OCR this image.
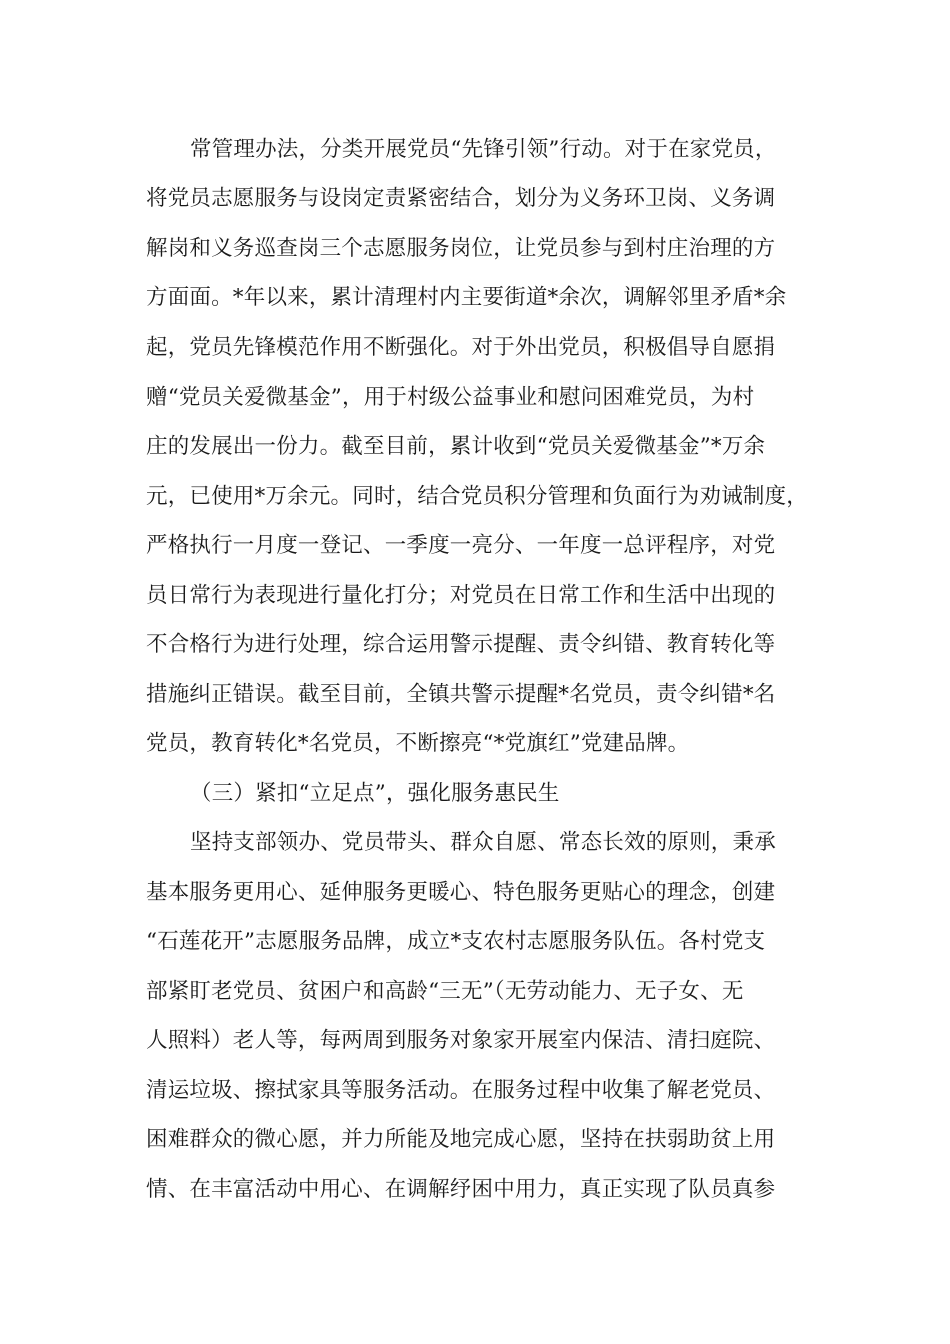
常管理办法，分类开展党员“先锋引领”行动。对于在家党员，
将党员志愿服务与设岗定责紧密结合，划分为义务环卫岗、义务调
解岗和义务巡查岗三个志愿服务岗位，让党员参与到村庄治理的方
方面面。*年以来，累计清理村内主要街道*余次，调解邻里矛盾*余
起，党员先锋模范作用不断强化。对于外出党员，积极倡导自愿捐
赠“党员关爱微基金”，用于村级公益事业和慰问困难党员，为村
庄的发展出一份力。截至目前，累计收到“党员关爱微基金”*万余
元，已使用*万余元。同时，结合党员积分管理和负面行为劝诫制度，
严格执行一月度一登记、一季度一亮分、一年度一总评程序，对党
员日常行为表现进行量化打分；对党员在日常工作和生活中出现的
不合格行为进行处理，综合运用警示提醒、责令纠错、教育转化等
措施纠正错误。截至目前，全镇共警示提醒*名党员，责令纠错*名
党员，教育转化*名党员，不断擦亮“*党旗红”党建品牌。
（三）紧扣“立足点”，强化服务惠民生
坚持支部领办、党员带头、群众自愿、常态长效的原则，秉承
基本服务更用心、延伸服务更暖心、特色服务更贴心的理念，创建
“石莲花开”志愿服务品牌，成立*支农村志愿服务队伍。各村党支
部紧盯老党员、贫困户和高龄“三无”（无劳动能力、无子女、无
人照料）老人等，每两周到服务对象家开展室内保洁、清扫庭院、
清运垃圾、擦拭家具等服务活动。在服务过程中收集了解老党员、
困难群众的微心愿，并力所能及地完成心愿，坚持在扶弱助贫上用
情、在丰富活动中用心、在调解纾困中用力，真正实现了队员真参
